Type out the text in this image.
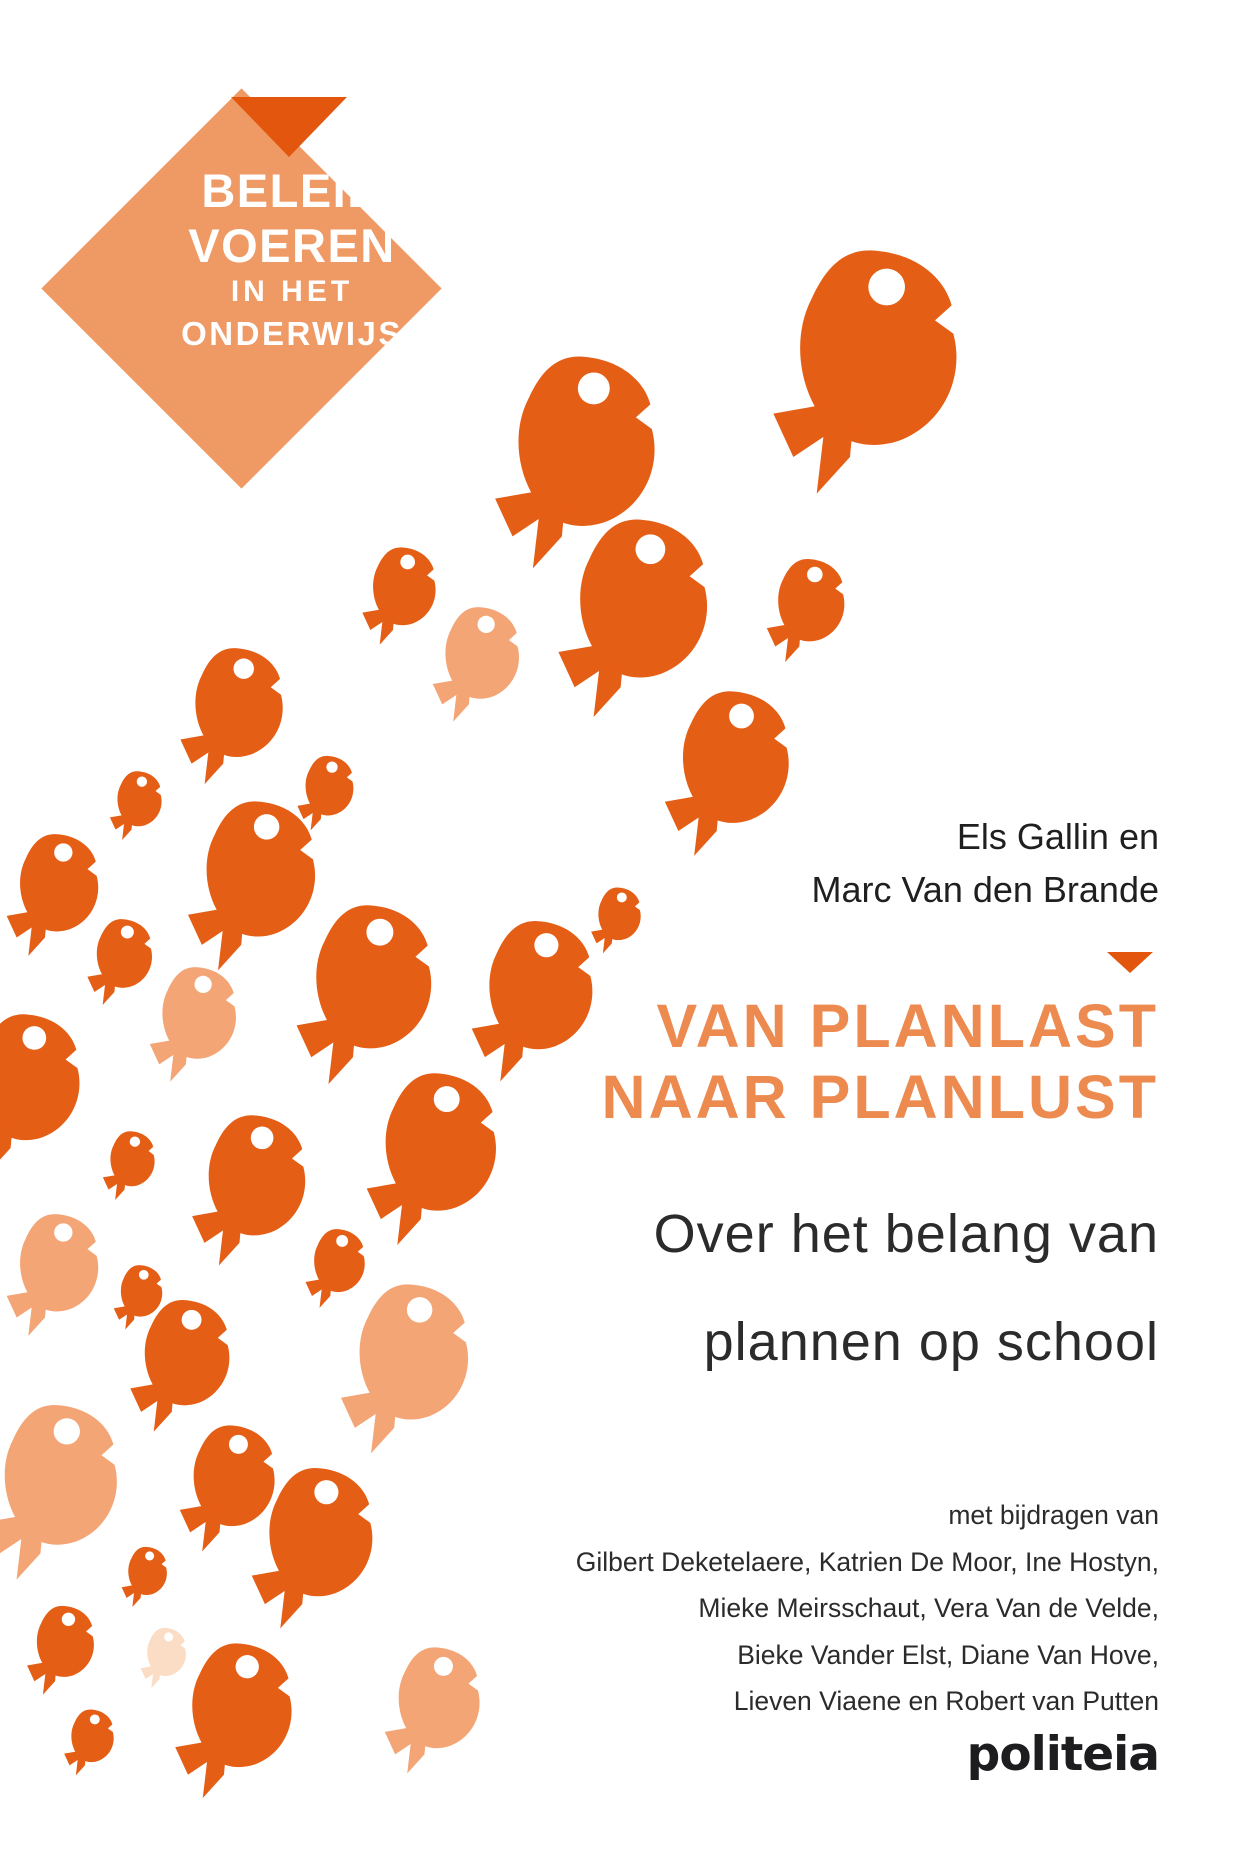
BELEID
VOEREN
IN HET
ONDERWIJS
Els Gallin en
Marc Van den Brande
VAN PLANLAST
NAAR PLANLUST
Over het belang van
plannen op school
met bijdragen van
Gilbert Deketelaere, Katrien De Moor, Ine Hostyn,
Mieke Meirsschaut, Vera Van de Velde,
Bieke Vander Elst, Diane Van Hove,
Lieven Viaene en Robert van Putten
politeia
